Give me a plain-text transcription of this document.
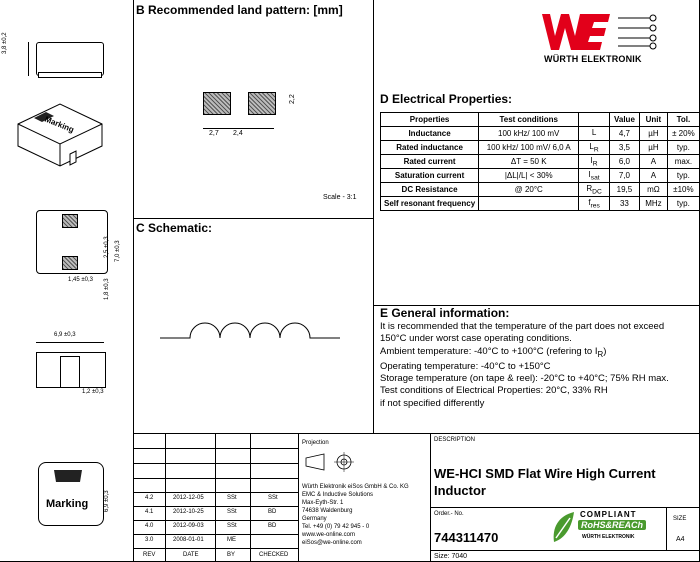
B Recommended land pattern: [mm]
C Schematic:
D Electrical Properties:
E General information:
WÜRTH ELEKTRONIK
3,8 ±0,2
Marking
7,0 ±0,3
2,5 ±0,3
1,45 ±0,3 1,8 ±0,3
6,9 ±0,3
1,2 ±0,3
Marking	6,9 ±0,3
2,7 2,4
2,2
Scale - 3:1
Properties	Test conditions		Value	Unit	Tol.
Inductance	100 kHz/ 100 mV	L	4,7	µH	± 20%
Rated inductance	100 kHz/ 100 mV/ 6,0 A	$L_R$	3,5	µH	typ.
Rated current	ΔT = 50 K	$I_R$	6,0	A	max.
Saturation current	|ΔL|/L| < 30%	$I_{sat}$	7,0	A	typ.
DC Resistance	@ 20°C	$R_{DC}$	19,5	mΩ	±10%
Self resonant frequency		$f_{res}$	33	MHz	typ.
It is recommended that the temperature of the part does not exceed 150°C under worst case operating conditions.
Ambient temperature: -40°C to +100°C (refering to $I_R$)
Operating temperature: -40°C to +150°C
Storage temperature (on tape & reel): -20°C to +40°C; 75% RH max.
Test conditions of Electrical Properties: 20°C, 33% RH
if not specified differently
4.2	2012-12-05	SSt	SSt
4.1	2012-10-25	SSt	BD
4.0	2012-09-03	SSt	BD
3.0	2008-01-01	ME
REV	DATE	BY	CHECKED
Projection
Würth Elektronik eiSos GmbH & Co. KG
EMC & Inductive Solutions
Max-Eyth-Str. 1
74638 Waldenburg
Germany
Tel. +49 (0) 79 42 945 - 0
www.we-online.com
eiSos@we-online.com
DESCRIPTION
WE-HCI SMD Flat Wire High Current Inductor
Order.- No.
744311470
Size: 7040
SIZE
A4
COMPLIANT
RoHS&REACh
WÜRTH ELEKTRONIK
